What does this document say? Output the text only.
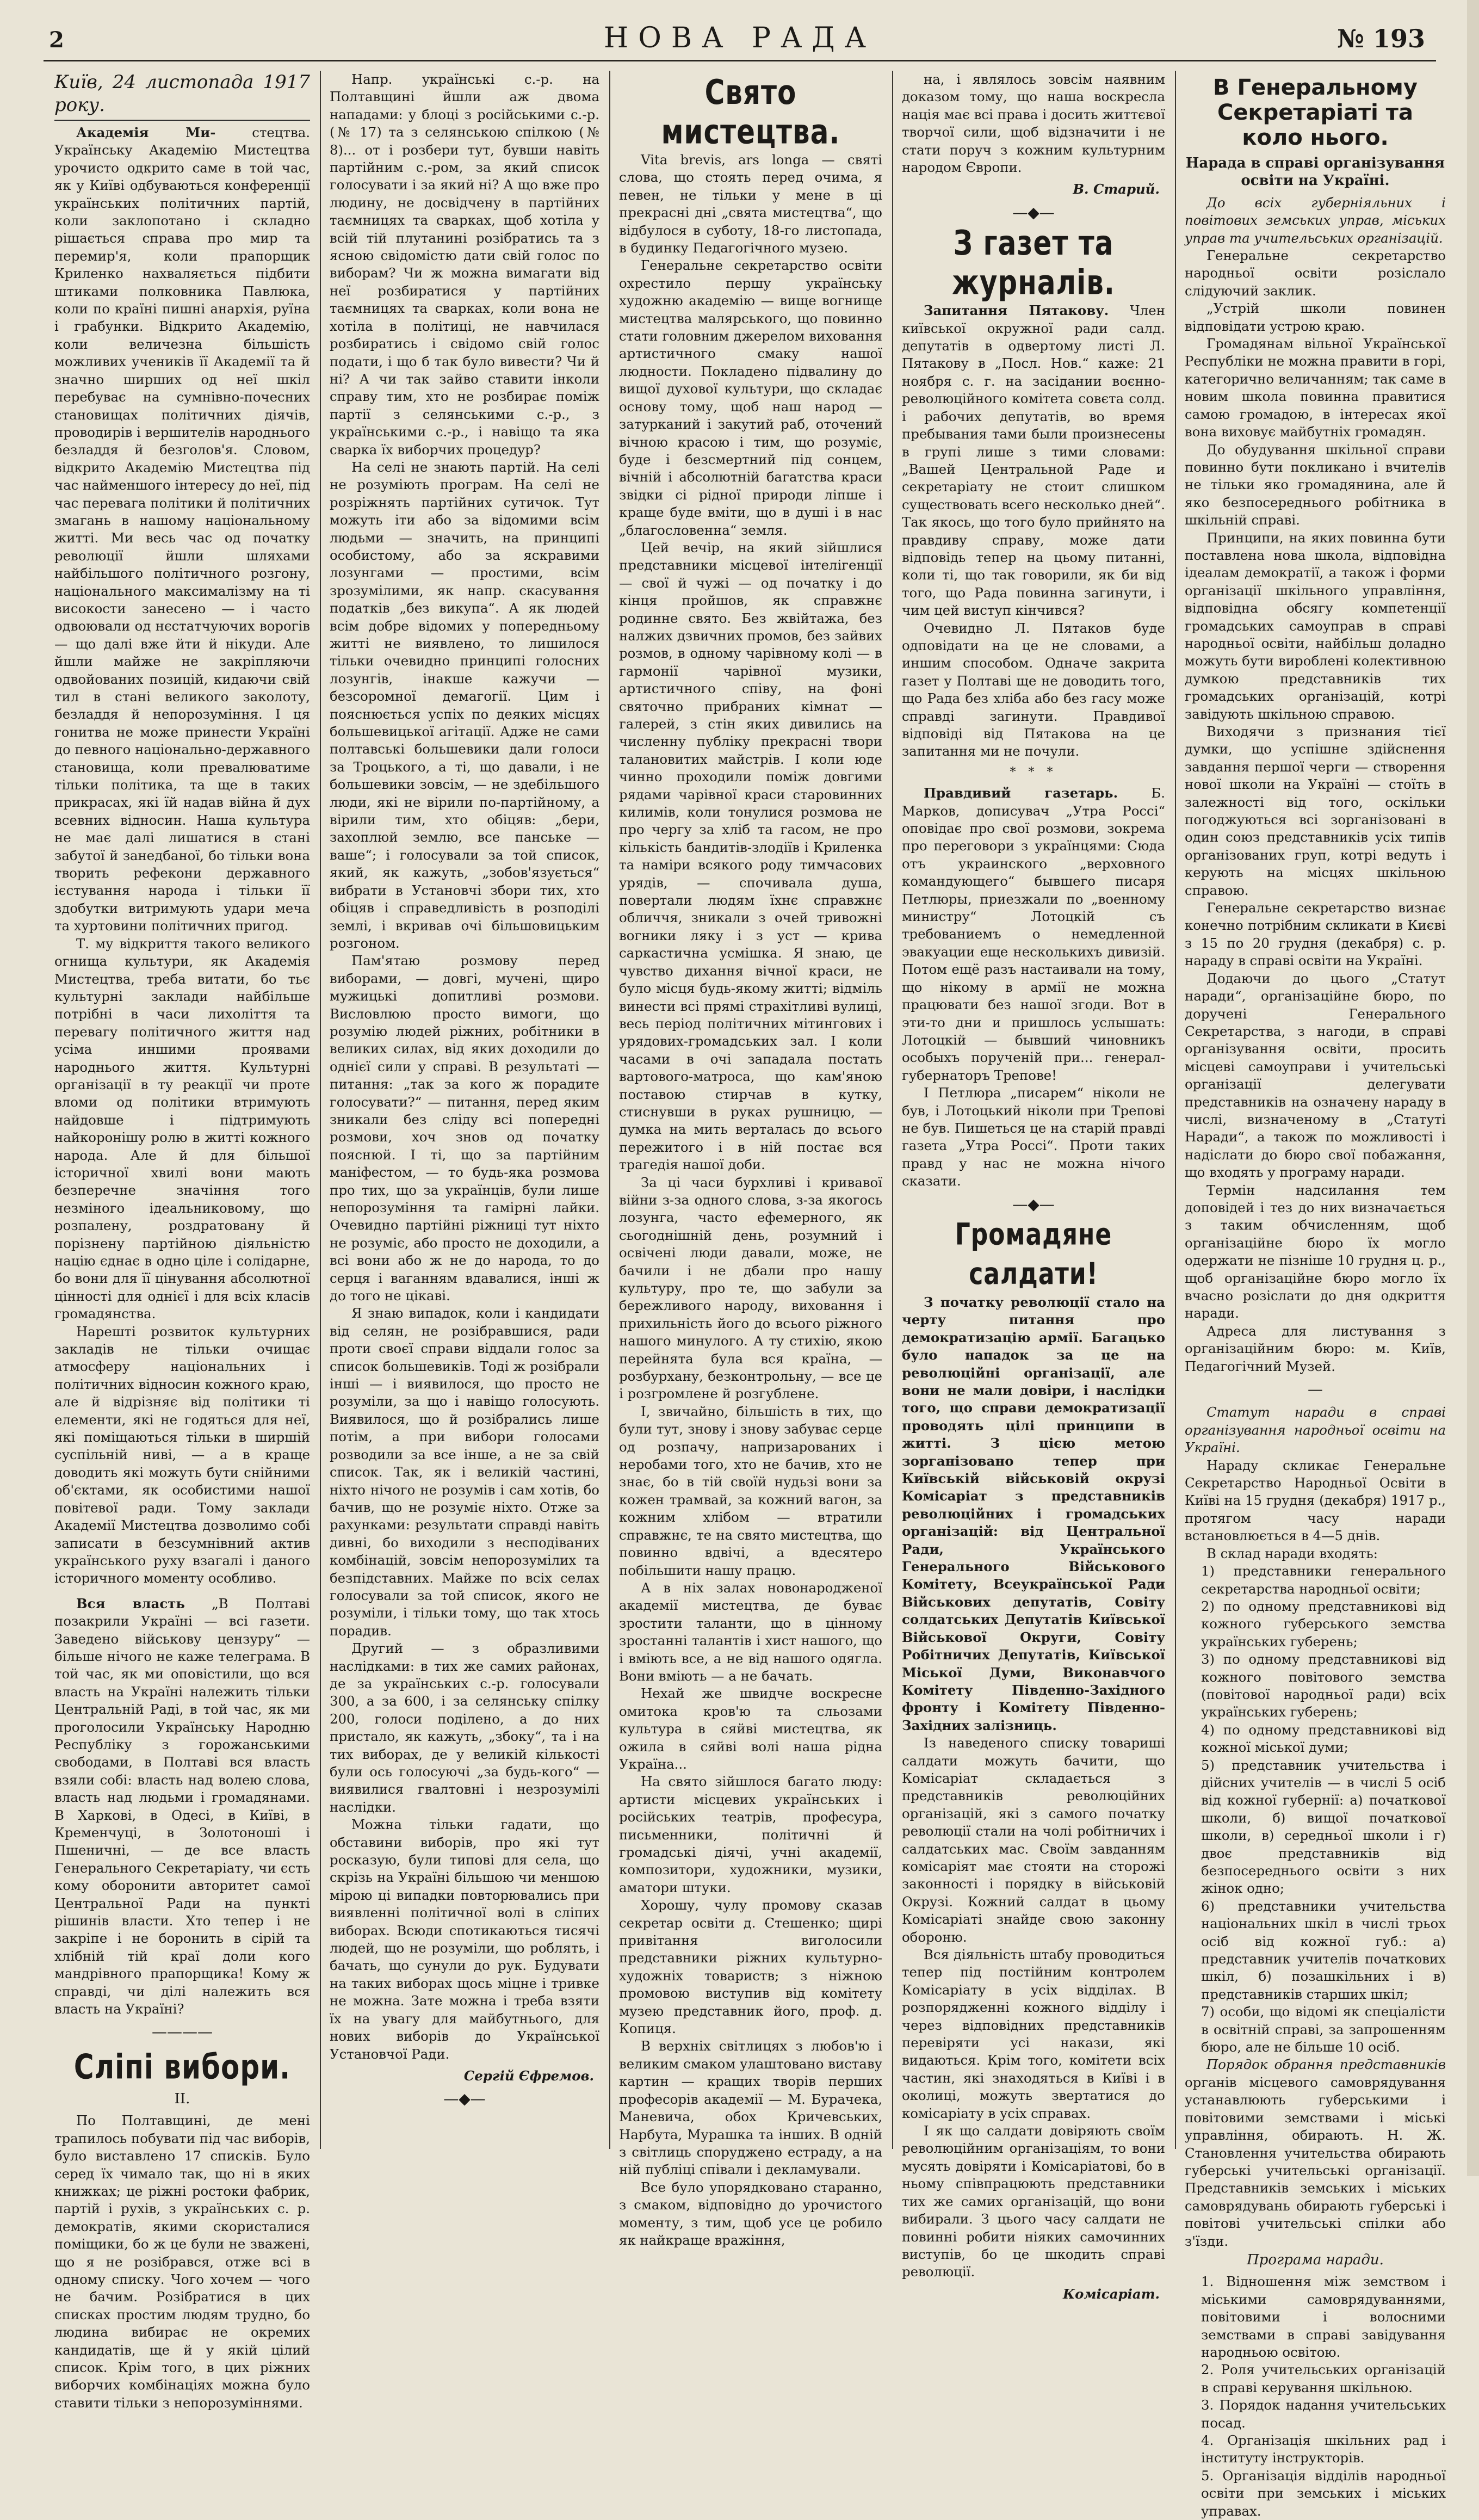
2	НОВА РАДА	№ 193
Київ, 24 листопада 1917 року.

Академія Ми-	стецтва. Українську Академію Мистецтва урочисто одкрито саме в той час, як у Київі одбуваються конференції українських політичних партій, коли заклопотано і складно рішається справа про мир та перемир'я, коли прапорщик Криленко нахваляється підбити штиками полковника Павлюка, коли по країні пишні анархія, руїна і грабунки. Відкрито Академію, коли величезна більшість можливих учеників її Академії та й значно ширших од неї шкіл перебуває на сумнівно-почесних становищах політичних діячів, проводирів і вершителів народнього безладдя й безголов'я. Словом, відкрито Академію Мистецтва під час найменшого інтересу до неї, під час перевага політики й політичних змагань в нашому національному житті. Ми весь час од початку революції йшли шляхами найбільшого політичного розгону, національного максималізму на ті високости занесено — і часто одвоювали од нєстатчуючих ворогів — що далі вже йти й нікуди. Але йшли майже не закріпляючи одвойованих позицій, кидаючи свій тил в стані великого заколоту, безладдя й непорозуміння. І ця гонитва не може принести Україні до певного національно-державного становища, коли превалюватиме тільки політика, та ще в таких прикрасах, які їй надав війна й дух всевних відносин. Наша культура не має далі лишатися в стані забутої й занедбаної, бо тільки вона творить рефекони державного ієстування народа і тільки її здобутки витримують удари меча та хуртовини політичних пригод.

Т. му відкриття такого великого огнища культури, як Академія Мистецтва, треба витати, бо тьє культурні заклади найбільше потрібні в часи лихоліття та перевагу політичного життя над усіма иншими проявами народнього життя. Культурні організації в ту реакції чи проте вломи од політики втримують найдовше і підтримують найкоронішу ролю в житті кожного народа. Але й для більшої історичної хвилі вони мають безперечне значіння того незміного ідеальниковому, що розпалену, роздратовану й порізнену партійною діяльністю націю єднає в одно ціле і солідарне, бо вони для її цінування абсолютної цінності для однієї і для всіх класів громадянства.

Нарешті розвиток культурних закладів не тільки очищає атмосферу національних і політичних відносин кожного краю, але й відрізняє від політики ті елементи, які не годяться для неї, які поміщаються тільки в ширшій суспільній ниві, — а в краще доводить які можуть бути снійними об'єктами, як особистими нашої повітевої ради. Тому заклади Академії Мистецтва дозволимо собі записати в безсумнівний актив українського руху взагалі і даного історичного моменту особливо.

Вся власть „В Полтаві позакрили Україні — всі газети. Заведено військову цензуру“ — більше нічого не каже телеграма. В той час, як ми оповістили, що вся власть на Україні належить тільки Центральній Раді, в той час, як ми проголосили Українську Народню Республіку з горожанськими свободами, в Полтаві вся власть взяли собі: власть над волею слова, власть над людьми і громадянами. В Харкові, в Одесі, в Київі, в Кременчуці, в Золотоноші і Пшеничні, — де все власть Генерального Секретаріату, чи єсть кому оборонити авторитет самої Центральної Ради на пункті рішинів власти. Хто тепер і не закріпе і не боронить в сірій та хлібній тій краї доли кого мандрівного прапорщика! Кому ж справді, чи ділі належить вся власть на Україні?

————
Сліпі вибори.
II.

По Полтавщині, де мені трапилось побувати під час виборів, було виставлено 17 списків. Було серед їх чимало так, що ні в яких книжках; це ріжні ростоки фабрик, партій і рухів, з українських с. р. демократів, якими скористалися поміщики, бо ж це були не зважені, що я не розібрався, отже всі в одному списку. Чого хочем — чого не бачим. Розібратися в цих списках простим людям трудно, бо людина вибирає не окремих кандидатів, ще й у якій цілий список. Крім того, в цих ріжних виборчих комбінаціях можна було ставити тільки з непорозуміннями.

Напр. українські с.-р. на Полтавщині йшли аж двома нападами: у блоці з російськими с.-р. (№ 17) та з селянською спілкою (№ 8)... от і розбери тут, бувши навіть партійним с.-ром, за який список голосувати і за який ні? А що вже про людину, не досвідчену в партійних таємницях та сварках, щоб хотіла у всій тій плутанині розібратись та з ясною свідомістю дати свій голос по виборам? Чи ж можна вимагати від неї розбиратися у партійних таємницях та сварках, коли вона не хотіла в політиці, не навчилася розбиратись і свідомо свій голос подати, і що б так було вивести? Чи й ні? А чи так зайво ставити інколи справу тим, хто не розбирає поміж партії з селянськими с.-р., з українськими с.-р., і навіщо та яка сварка їх виборчих процедур?

На селі не знають партій. На селі не розуміють програм. На селі не розріжнять партійних сутичок. Тут можуть іти або за відомими всім людьми — значить, на принципі особистому, або за яскравими лозунгами — простими, всім зрозумілими, як напр. скасування податків „без викупа“. А як людей всім добре відомих у попередньому житті не виявлено, то лишилося тільки очевидно принципі голосних лозунгів, інакше кажучи — безсоромної демагогії. Цим і пояснюється успіх по деяких місцях большевицької агітації. Адже не сами полтавські большевики дали голоси за Троцького, а ті, що давали, і не большевики зовсім, — не здебільшого люди, які не вірили по-партійному, а вірили тим, хто обіцяв: „бери, захоплюй землю, все панське — ваше“; і голосували за той список, який, як кажуть, „зобов'язується“ вибрати в Установчі збори тих, хто обіцяв і справедливість в розподілі землі, і вкривав очі більшовицьким розгоном.

Пам'ятаю розмову перед виборами, — довгі, мучені, щиро мужицькі допитливі розмови. Висловлюю просто вимоги, що розумію людей ріжних, робітники в великих силах, від яких доходили до однієї сили у справі. В результаті — питання: „так за кого ж порадите голосувати?“ — питання, перед яким зникали без сліду всі попередні розмови, хоч знов од початку пояснюй. І ті, що за партійним маніфестом, — то будь-яка розмова про тих, що за українців, були лише непорозуміння та гамірні лайки. Очевидно партійні ріжниці тут ніхто не розуміє, або просто не доходили, а всі вони або ж не до народа, то до серця і ваганням вдавалися, інші ж до того не цікаві.

Я знаю випадок, коли і кандидати від селян, не розібравшися, ради проти своєї справи віддали голос за список большевиків. Тоді ж розібрали інші — і виявилося, що просто не розуміли, за що і навіщо голосують. Виявилося, що й розібрались лише потім, а при вибори голосами розводили за все інше, а не за свій список. Так, як і великій частині, ніхто нічого не розумів і сам хотів, бо бачив, що не розуміє ніхто. Отже за рахунками: результати справді навіть дивні, бо виходили з несподіваних комбінацій, зовсім непорозумілих та безпідставних. Майже по всіх селах голосували за той список, якого не розуміли, і тільки тому, що так хтось порадив.

Другий — з образливими наслідками: в тих же самих районах, де за українських с.-р. голосували 300, а за 600, і за селянську спілку 200, голоси поділено, а до них пристало, як кажуть, „збоку“, та і на тих виборах, де у великій кількості були ось голосуючі „за будь-кого“ — виявилися гвалтовні і незрозумілі наслідки.

Можна тільки гадати, що обставини виборів, про які тут росказую, були типові для села, що скрізь на Україні більшою чи меншою мірою ці випадки повторювались при виявленні політичної волі в сліпих виборах. Всюди спотикаються тисячі людей, що не розуміли, що роблять, і бачать, що сунули до рук. Будувати на таких виборах щось міцне і тривке не можна. Зате можна і треба взяти їх на увагу для майбутнього, для нових виборів до Української Установчої Ради.

Сергій Єфремов.
—◆—
Свято мистецтва.

Vita brevis, ars longa — святі слова, що стоять перед очима, я певен, не тільки у мене в ці прекрасні дні „свята мистецтва“, що відбулося в суботу, 18-го листопада, в будинку Педагогічного музею.

Генеральне секретарство освіти охрестило першу українську художню академію — вище вогнище мистецтва малярського, що повинно стати головним джерелом виховання артистичного смаку нашої людности. Покладено підвалину до вищої духової культури, що складає основу тому, щоб наш народ — затурканий і закутий раб, оточений вічною красою і тим, що розуміє, буде і безсмертний під сонцем, вічній і абсолютній багатства краси звідки сі рідної природи ліпше і краще буде вміти, що в душі і в нас „благословенна“ земля.

Цей вечір, на який зійшлися представники місцевої інтелігенції — свої й чужі — од початку і до кінця пройшов, як справжнє родинне свято. Без жвійтажа, без налжих дзвичних промов, без зайвих розмов, в одному чарівному колі — в гармонії чарівної музики, артистичного співу, на фоні святочно прибраних кімнат — галерей, з стін яких дивились на численну публіку прекрасні твори талановитих майстрів. І коли юде чинно проходили поміж довгими рядами чарівної краси старовинних килимів, коли тонулися розмова не про чергу за хліб та гасом, не про кількість бандитів-злодіїв і Криленка та наміри всякого роду тимчасових урядів, — спочивала душа, повертали людям їхнє справжнє обличчя, зникали з очей тривожні вогники ляку і з уст — крива саркастична усмішка. Я знаю, це чувство дихання вічної краси, не було місця будь-якому житті; відміль винести всі прямі страхітливі вулиці, весь період політичних мітингових і урядових-громадських зал. І коли часами в очі западала постать вартового-матроса, що кам'яною поставою стирчав в кутку, стиснувши в руках рушницю, — думка на мить верталась до всього пережитого і в ній постає вся трагедія нашої доби.

За ці часи бурхливі і кривавої війни з-за одного слова, з-за якогось лозунга, часто ефемерного, як сьогоднішній день, розумний і освічені люди давали, може, не бачили і не дбали про нашу культуру, про те, що забули за бережливого народу, виховання і прихильність його до всього ріжного нашого минулого. А ту стихію, якою перейнята була вся країна, — розбурхану, безконтрольну, — все це і розгромлене й розгублене.

І, звичайно, більшість в тих, що були тут, знову і знову забуває серце од розпачу, напризарованих і неробами того, хто не бачив, хто не знає, бо в тій своїй нудьзі вони за кожен трамвай, за кожний вагон, за кожним хлібом — втратили справжнє, те на свято мистецтва, що повинно вдвічі, а вдесятеро побільшити нашу працю.

А в ніх залах новонародженої академії мистецтва, де буває зростити таланти, що в цінному зростанні талантів і хист нашого, що і вміють все, а не від нашого одягла. Вони вміють — а не бачать.

Нехай же швидче воскресне омитока кров'ю та сльозами культура в сяйві мистецтва, як ожила в сяйві волі наша рідна Україна...

На свято зійшлося багато люду: артисти місцевих українських і російських театрів, професура, письменники, політичні й громадські діячі, учні академії, композитори, художники, музики, аматори штуки.

Хорошу, чулу промову сказав секретар освіти д. Стешенко; щирі привітання виголосили представники ріжних культурно-художніх товариств; з ніжною промовою виступив від комітету музею представник його, проф. д. Копиця.

В верхніх світлицях з любов'ю і великим смаком улаштовано виставу картин — кращих творів перших професорів академії — М. Бурачека, Маневича, обох Кричевських, Нарбута, Мурашка та інших. В одній з світлиць споруджено естраду, а на ній публіці співали і декламували.

Все було упорядковано старанно, з смаком, відповідно до урочистого моменту, з тим, щоб усе це робило як найкраще вражіння,

на, і являлось зовсім наявним доказом тому, що наша воскресла нація має всі права і досить життєвої творчої сили, щоб відзначити і не стати поруч з кожним культурним народом Європи.

В. Старий.
—◆—
З газет та журналів.

Запитання Пятакову. Член київської окружної ради салд. депутатів в одвертому листі Л. Пятакову в „Посл. Нов.“ каже: 21 ноября с. г. на засідании воєнно-революційного комітета совєта солд. і рабочих депутатів, во время пребывания тами были произнесены в групі лише з тими словами: „Вашей Центральной Раде и секретаріату не стоит слишком существовать всего несколько дней“. Так якось, що того було прийнято на правдиву справу, може дати відповідь тепер на цьому питанні, коли ті, що так говорили, як би від того, що Рада повинна загинути, і чим цей виступ кінчився?

Очевидно Л. Пятаков буде одповідати на це не словами, а иншим способом. Одначе закрита газет у Полтаві ще не доводить того, що Рада без хліба або без гасу може справді загинути. Правдивої відповіді від Пятакова на це запитання ми не почули.

* * *

Правдивий газетарь.	Б. Марков, дописувач „Утра Россі“ оповідає про свої розмови, зокрема про переговори з українцями: Сюда отъ украинского „верховного командующего“ бывшего писаря Петлюры, приезжали по „военному министру“ Лотоцкій съ требованиемъ о немедленной эвакуации еще несколькихъ дивизій. Потом ещё разъ настаивали на тому, що нікому в армії не можна працювати без нашої згоди. Вот в эти-то дни и пришлось услышать: Лотоцкій — бывший чиновникъ особыхъ порученій при... генерал-губернаторъ Трепове!

І Петлюра „писарем“ ніколи не був, і Лотоцький ніколи при Трепові не був. Пишеться це на старій правді газета „Утра Россі“. Проти таких правд у нас не можна нічого сказати.

—◆—
Громадяне салдати!

З початку революції стало на черту питання про демократизацію армії. Багацько було нападок за це на революційні організації, але вони не мали довіри, і наслідки того, що справи демократизації проводять цілі принципи в житті. З цією метою зорганізовано тепер при Київській військовій окрузі Комісаріат з представників революційних і громадських організацій: від Центральної Ради, Українського Генерального Військового Комітету, Всеукраїнської Ради Військових депутатів, Совіту солдатських Депутатів Київської Військової Округи, Совіту Робітничих Депутатів, Київської Міської Думи, Виконавчого Комітету Південно-Західного фронту і Комітету Південно-Західних залізниць.

Із наведеного списку товариші салдати можуть бачити, що Комісаріат складається з представників революційних організацій, які з самого початку революції стали на чолі робітничих і салдатських мас. Своїм завданням комісаріят має стояти на сторожі законності і порядку в військовій Окрузі. Кожний салдат в цьому Комісаріаті знайде свою законну обороню.

Вся діяльність штабу проводиться тепер під постійним контролем Комісаріату в усіх відділах. В розпорядженні кожного відділу і через відповідних представників перевіряти усі накази, які видаються. Крім того, комітети всіх частин, які знаходяться в Київі і в околиці, можуть звертатися до комісаріату в усіх справах.

І як що салдати довіряють своїм революційним організаціям, то вони мусять довіряти і Комісаріатові, бо в ньому співпрацюють представники тих же самих організацій, що вони вибирали. З цього часу салдати не повинні робити ніяких самочинних виступів, бо це шкодить справі революції.

Комісаріат.
В Генеральному Секретаріаті та коло нього.
Нарада в справі організування освіти на Україні.

До всіх губерніяльних і повітових земських управ, міських управ та учительських організацій.

Генеральне секретарство народньої освіти розіслало слідуючий заклик.

„Устрій школи повинен відповідати устрою краю.

Громадянам вільної Української Республіки не можна правити в горі, категорично величанням; так саме в новим школа повинна правитися самою громадою, в інтересах якої вона виховує майбутніх громадян.

До обудування шкільної справи повинно бути покликано і вчителів не тільки яко громадянина, але й яко безпосереднього робітника в шкільній справі.

Принципи, на яких повинна бути поставлена нова школа, відповідна ідеалам демократії, а також і форми організації шкільного управління, відповідна обсягу компетенції громадських самоуправ в справі народньої освіти, найбільш доладно можуть бути вироблені колективною думкою представників тих громадських організацій, котрі завідують шкільною справою.

Виходячи з признания тієї думки, що успішне здійснення завдання першої черги — створення нової школи на Україні — стоїть в залежності від того, оскільки погоджуються всі зорганізовані в один союз представників усіх типів організованих груп, котрі ведуть і керують на місцях шкільною справою.

Генеральне секретарство визнає конечно потрібним скликати в Києві з 15 по 20 грудня (декабря) с. р. нараду в справі освіти на Україні.

Додаючи до цього „Статут наради“, організаційне бюро, по доручені Генерального Секретарства, з нагоди, в справі організування освіти, просить місцеві самоуправи і учительські організації делегувати представників на означену нараду в числі, визначеному в „Статуті Наради“, а також по можливості і надіслати до бюро свої побажання, що входять у програму наради.

Термін надсилання тем доповідей і тез до них визначається з таким обчисленням, щоб організаційне бюро їх могло одержати не пізніше 10 грудня ц. р., щоб організаційне бюро могло їх вчасно розіслати до дня одкриття наради.

Адреса для листування з організаційним бюро: м. Київ, Педагогічний Музей.

—

Статут наради в справі організування народньої освіти на Україні.

Нараду скликає Генеральне Секретарство Народньої Освіти в Київі на 15 грудня (декабря) 1917 р., протягом часу наради встановлюється в 4—5 днів.

В склад наради входять:

1) представники генерального секретарства народньої освіти;

2) по одному представникові від кожного губерського земства українських губерень;

3) по одному представникові від кожного повітового земства (повітової народньої ради) всіх українських губерень;

4) по одному представникові від кожної міської думи;

5) представник учительства і дійсних учителів — в числі 5 осіб від кожної губернії: а) початкової школи, б) вищої початкової школи, в) середньої школи і г) двоє представників від безпосереднього освіти з них жінок одно;

6) представники учительства національних шкіл в числі трьох осіб від кожної губ.: а) представник учителів початкових шкіл, б) позашкільних і в) представників старших шкіл;

7) особи, що відомі як спеціалісти в освітній справі, за запрошенням бюро, але не більше 10 осіб.

Порядок обрання представників органів місцевого самоврядування устанавлюють губерськими і повітовими земствами і міські управління, обирають. Н. Ж. Становлення учительства обирають губерські учительські організації. Представників земських і міських самоврядувань обирають губерські і повітові учительські спілки або з'їзди.

Програма наради.

1. Відношення між земством і міськими самоврядуваннями, повітовими і волосними земствами в справі завідування народньою освітою.

2. Роля учительських організацій в справі керування шкільною.

3. Порядок надання учительських посад.

4. Організація шкільних рад і інституту інструкторів.

5. Організація відділів народньої освіти при земських і міських управах.
